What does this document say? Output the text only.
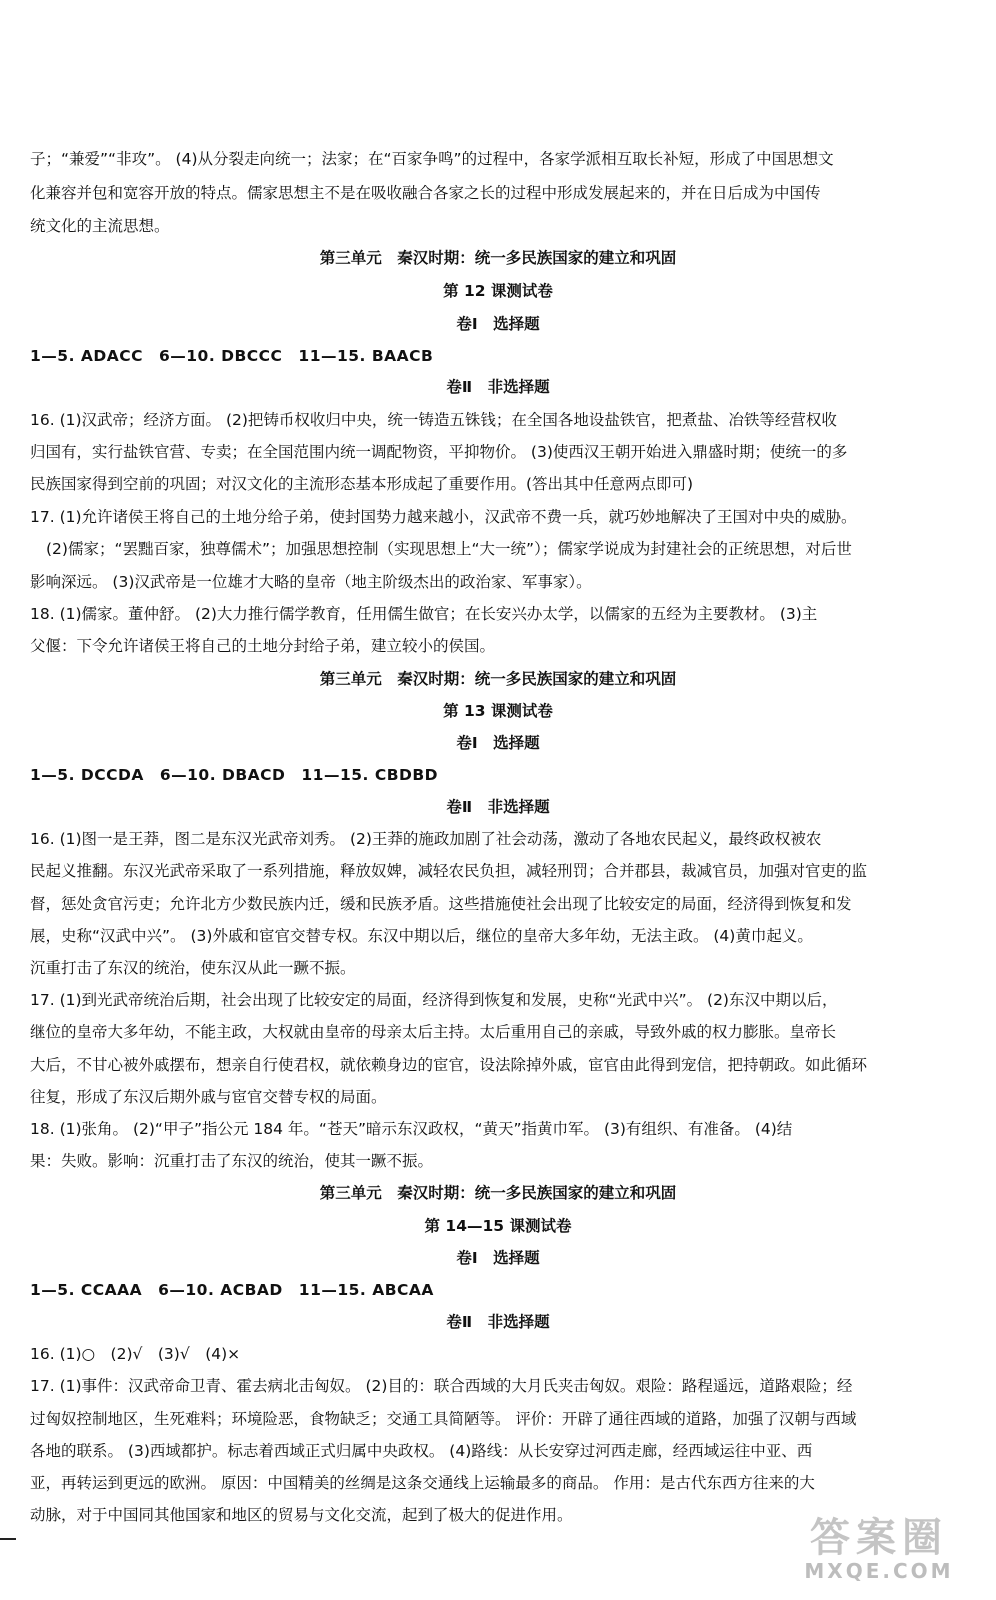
子；“兼爱”“非攻”。 (4)从分裂走向统一；法家；在“百家争鸣”的过程中，各家学派相互取长补短，形成了中国思想文
化兼容并包和宽容开放的特点。儒家思想主不是在吸收融合各家之长的过程中形成发展起来的，并在日后成为中国传
统文化的主流思想。
第三单元　秦汉时期：统一多民族国家的建立和巩固
第 12 课测试卷
卷Ⅰ　选择题
1—5. ADACC　6—10. DBCCC　11—15. BAACB
卷Ⅱ　非选择题
16. (1)汉武帝；经济方面。 (2)把铸币权收归中央，统一铸造五铢钱；在全国各地设盐铁官，把煮盐、冶铁等经营权收
归国有，实行盐铁官营、专卖；在全国范围内统一调配物资，平抑物价。 (3)使西汉王朝开始进入鼎盛时期；使统一的多
民族国家得到空前的巩固；对汉文化的主流形态基本形成起了重要作用。(答出其中任意两点即可)
17. (1)允许诸侯王将自己的土地分给子弟，使封国势力越来越小，汉武帝不费一兵，就巧妙地解决了王国对中央的威胁。
(2)儒家；“罢黜百家，独尊儒术”；加强思想控制（实现思想上“大一统”）；儒家学说成为封建社会的正统思想，对后世
影响深远。 (3)汉武帝是一位雄才大略的皇帝（地主阶级杰出的政治家、军事家）。
18. (1)儒家。董仲舒。 (2)大力推行儒学教育，任用儒生做官；在长安兴办太学，以儒家的五经为主要教材。 (3)主
父偃：下令允许诸侯王将自己的土地分封给子弟，建立较小的侯国。
第三单元　秦汉时期：统一多民族国家的建立和巩固
第 13 课测试卷
卷Ⅰ　选择题
1—5. DCCDA　6—10. DBACD　11—15. CBDBD
卷Ⅱ　非选择题
16. (1)图一是王莽，图二是东汉光武帝刘秀。 (2)王莽的施政加剧了社会动荡，激动了各地农民起义，最终政权被农
民起义推翻。东汉光武帝采取了一系列措施，释放奴婢，减轻农民负担，减轻刑罚；合并郡县，裁减官员，加强对官吏的监
督，惩处贪官污吏；允许北方少数民族内迁，缓和民族矛盾。这些措施使社会出现了比较安定的局面，经济得到恢复和发
展，史称“汉武中兴”。 (3)外戚和宦官交替专权。东汉中期以后，继位的皇帝大多年幼，无法主政。 (4)黄巾起义。
沉重打击了东汉的统治，使东汉从此一蹶不振。
17. (1)到光武帝统治后期，社会出现了比较安定的局面，经济得到恢复和发展，史称“光武中兴”。 (2)东汉中期以后，
继位的皇帝大多年幼，不能主政，大权就由皇帝的母亲太后主持。太后重用自己的亲戚，导致外戚的权力膨胀。皇帝长
大后，不甘心被外戚摆布，想亲自行使君权，就依赖身边的宦官，设法除掉外戚，宦官由此得到宠信，把持朝政。如此循环
往复，形成了东汉后期外戚与宦官交替专权的局面。
18. (1)张角。 (2)“甲子”指公元 184 年。“苍天”暗示东汉政权，“黄天”指黄巾军。 (3)有组织、有准备。 (4)结
果：失败。影响：沉重打击了东汉的统治，使其一蹶不振。
第三单元　秦汉时期：统一多民族国家的建立和巩固
第 14—15 课测试卷
卷Ⅰ　选择题
1—5. CCAAA　6—10. ACBAD　11—15. ABCAA
卷Ⅱ　非选择题
16. (1)○　(2)√　(3)√　(4)×
17. (1)事件：汉武帝命卫青、霍去病北击匈奴。 (2)目的：联合西域的大月氏夹击匈奴。艰险：路程遥远，道路艰险；经
过匈奴控制地区，生死难料；环境险恶，食物缺乏；交通工具简陋等。 评价：开辟了通往西域的道路，加强了汉朝与西域
各地的联系。 (3)西域都护。标志着西域正式归属中央政权。 (4)路线：从长安穿过河西走廊，经西域运往中亚、西
亚，再转运到更远的欧洲。 原因：中国精美的丝绸是这条交通线上运输最多的商品。 作用：是古代东西方往来的大
动脉，对于中国同其他国家和地区的贸易与文化交流，起到了极大的促进作用。	答案圈
MXQE.COM
